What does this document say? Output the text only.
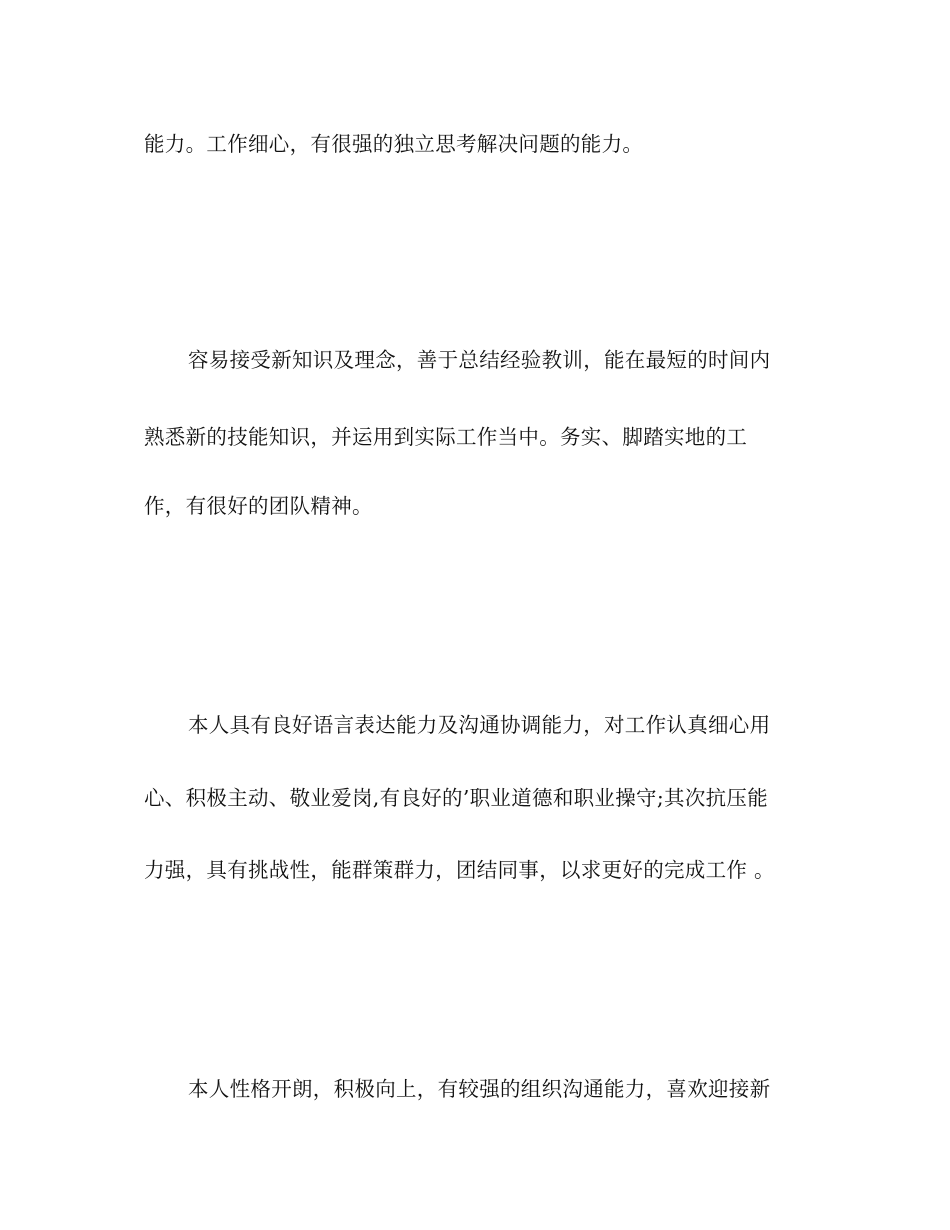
能力。工作细心，有很强的独立思考解决问题的能力。
容易接受新知识及理念，善于总结经验教训，能在最短的时间内
熟悉新的技能知识，并运用到实际工作当中。务实、脚踏实地的工
作，有很好的团队精神。
本人具有良好语言表达能力及沟通协调能力，对工作认真细心用
心、积极主动、敬业爱岗,有良好的’职业道德和职业操守;其次抗压能
力强，具有挑战性，能群策群力，团结同事，以求更好的完成工作 。
本人性格开朗，积极向上，有较强的组织沟通能力，喜欢迎接新
